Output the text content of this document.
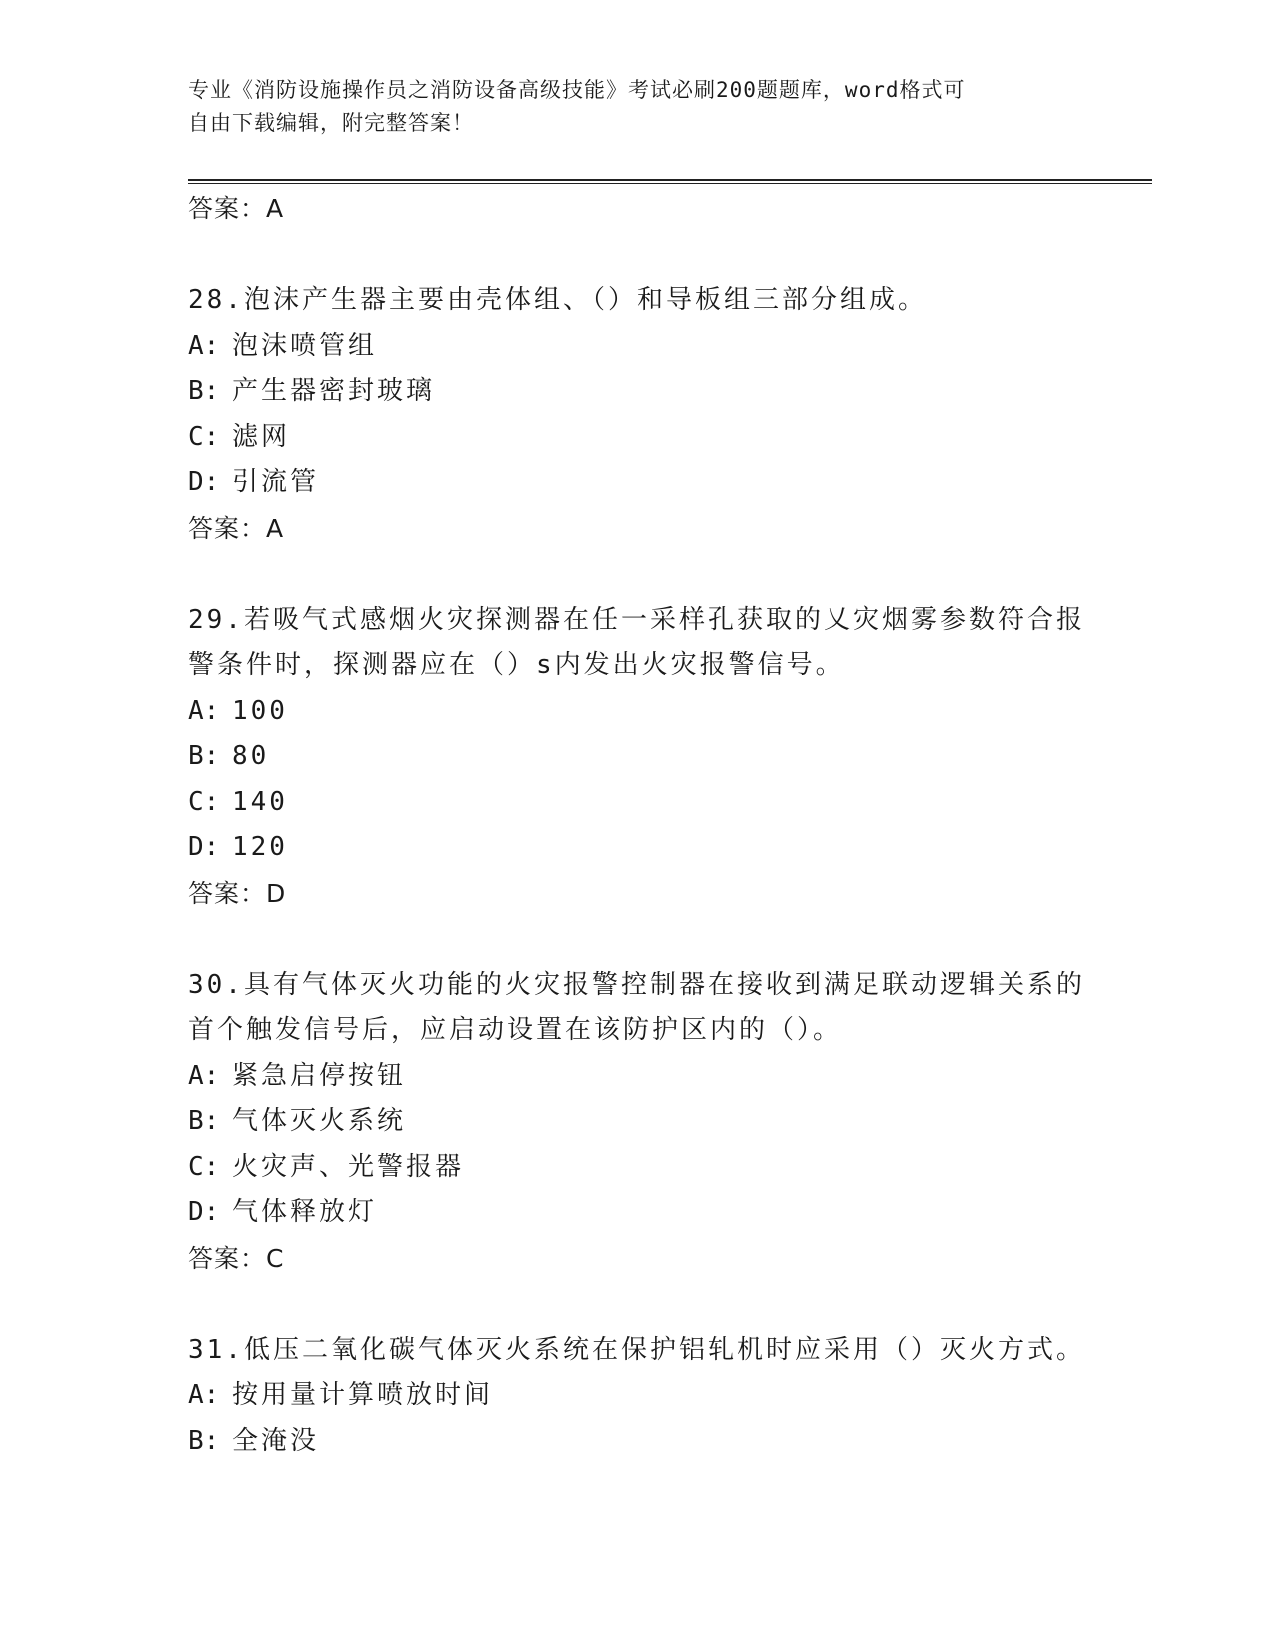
专业《消防设施操作员之消防设备高级技能》考试必刷200题题库，word格式可
自由下载编辑，附完整答案！
答案：A
28.泡沫产生器主要由壳体组、（）和导板组三部分组成。
A: 泡沫喷管组
B: 产生器密封玻璃
C: 滤网
D: 引流管
答案：A
29.若吸气式感烟火灾探测器在任一采样孔获取的乂灾烟雾参数符合报
警条件时，探测器应在（）s内发出火灾报警信号。
A: 100
B: 80
C: 140
D: 120
答案：D
30.具有气体灭火功能的火灾报警控制器在接收到满足联动逻辑关系的
首个触发信号后，应启动设置在该防护区内的（）。
A: 紧急启停按钮
B: 气体灭火系统
C: 火灾声、光警报器
D: 气体释放灯
答案：C
31.低压二氧化碳气体灭火系统在保护铝轧机时应采用（）灭火方式。
A: 按用量计算喷放时间
B: 全淹没
